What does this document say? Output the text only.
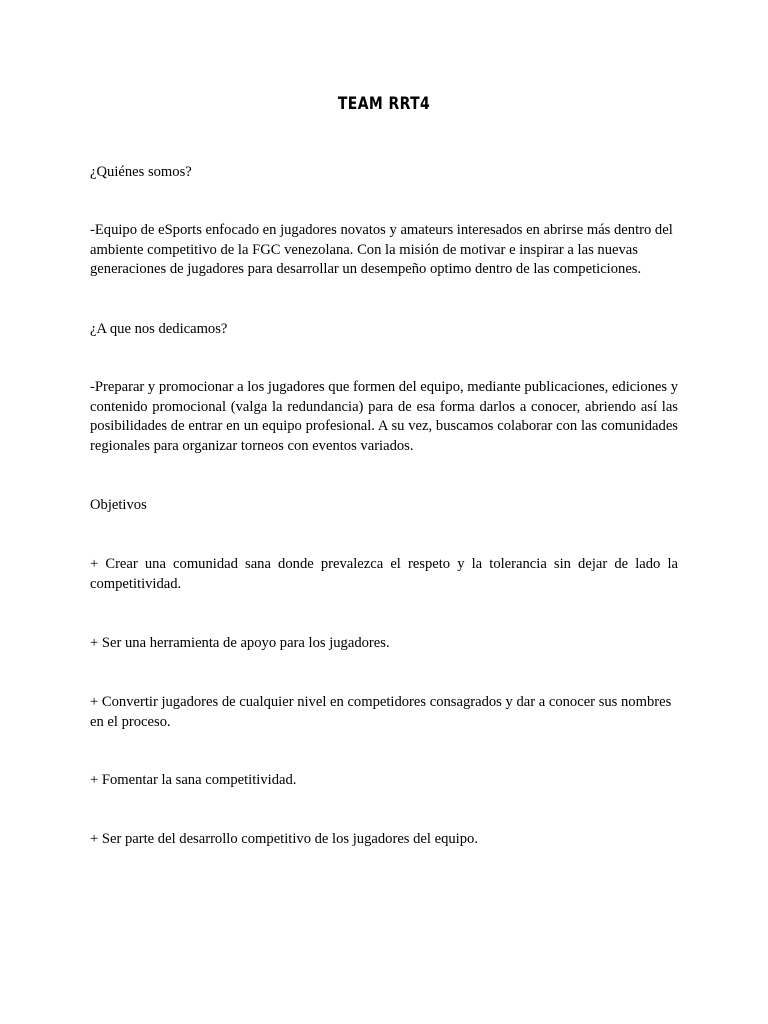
TEAM RRT4

¿Quiénes somos?

-Equipo de eSports enfocado en jugadores novatos y amateurs interesados en abrirse más dentro del ambiente competitivo de la FGC venezolana. Con la misión de motivar e inspirar a las nuevas generaciones de jugadores para desarrollar un desempeño optimo dentro de las competiciones.

¿A que nos dedicamos?

-Preparar y promocionar a los jugadores que formen del equipo, mediante publicaciones, ediciones y contenido promocional (valga la redundancia) para de esa forma darlos a conocer, abriendo así las posibilidades de entrar en un equipo profesional. A su vez, buscamos colaborar con las comunidades regionales para organizar torneos con eventos variados.

Objetivos

+ Crear una comunidad sana donde prevalezca el respeto y la tolerancia sin dejar de lado la competitividad.

+ Ser una herramienta de apoyo para los jugadores.

+ Convertir jugadores de cualquier nivel en competidores consagrados y dar a conocer sus nombres en el proceso.

+ Fomentar la sana competitividad.

+ Ser parte del desarrollo competitivo de los jugadores del equipo.
